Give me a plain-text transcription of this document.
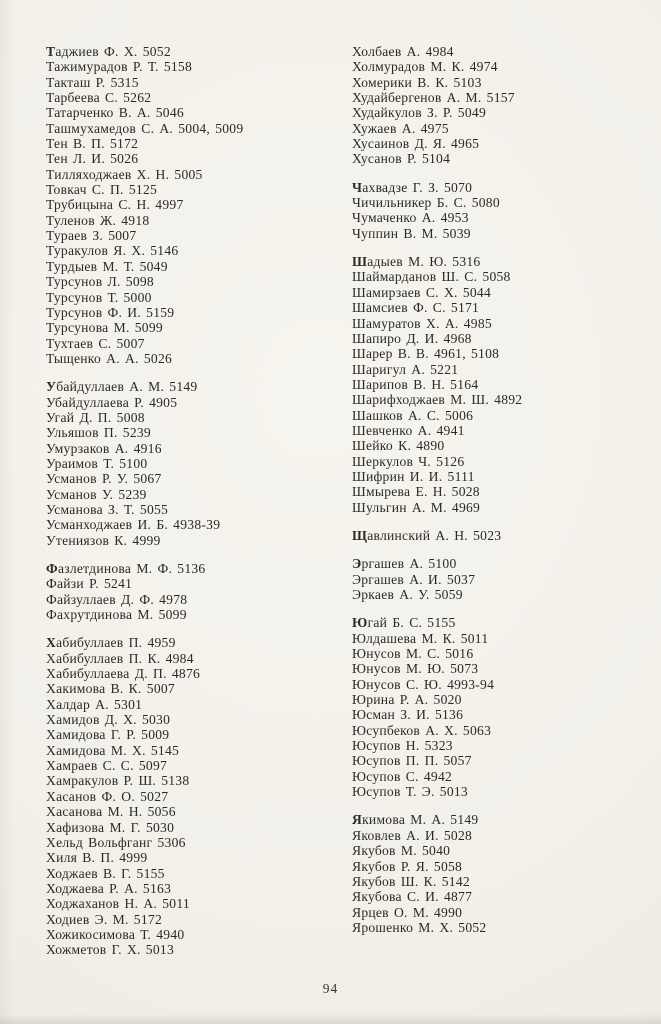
Таджиев Ф. Х. 5052
Тажимурадов Р. Т. 5158
Такташ Р. 5315
Тарбеева С. 5262
Татарченко В. А. 5046
Ташмухамедов С. А. 5004, 5009
Тен В. П. 5172
Тен Л. И. 5026
Тилляходжаев Х. Н. 5005
Товкач С. П. 5125
Трубицына С. Н. 4997
Туленов Ж. 4918
Тураев З. 5007
Туракулов Я. Х. 5146
Турдыев М. Т. 5049
Турсунов Л. 5098
Турсунов Т. 5000
Турсунов Ф. И. 5159
Турсунова М. 5099
Тухтаев С. 5007
Тыщенко А. А. 5026
Убайдуллаев А. М. 5149
Убайдуллаева Р. 4905
Угай Д. П. 5008
Ульяшов П. 5239
Умурзаков А. 4916
Ураимов Т. 5100
Усманов Р. У. 5067
Усманов У. 5239
Усманова З. Т. 5055
Усманходжаев И. Б. 4938-39
Утениязов К. 4999
Фазлетдинова М. Ф. 5136
Файзи Р. 5241
Файзуллаев Д. Ф. 4978
Фахрутдинова М. 5099
Хабибуллаев П. 4959
Хабибуллаев П. К. 4984
Хабибуллаева Д. П. 4876
Хакимова В. К. 5007
Халдар А. 5301
Хамидов Д. Х. 5030
Хамидова Г. Р. 5009
Хамидова М. Х. 5145
Хамраев С. С. 5097
Хамракулов Р. Ш. 5138
Хасанов Ф. О. 5027
Хасанова М. Н. 5056
Хафизова М. Г. 5030
Хельд Вольфганг 5306
Хиля В. П. 4999
Ходжаев В. Г. 5155
Ходжаева Р. А. 5163
Ходжаханов Н. А. 5011
Ходиев Э. М. 5172
Хожикосимова Т. 4940
Хожметов Г. Х. 5013
Холбаев А. 4984
Холмурадов М. К. 4974
Хомерики В. К. 5103
Худайбергенов А. М. 5157
Худайкулов З. Р. 5049
Хужаев А. 4975
Хусаинов Д. Я. 4965
Хусанов Р. 5104
Чахвадзе Г. З. 5070
Чичильникер Б. С. 5080
Чумаченко А. 4953
Чуппин В. М. 5039
Шадыев М. Ю. 5316
Шаймарданов Ш. С. 5058
Шамирзаев С. Х. 5044
Шамсиев Ф. С. 5171
Шамуратов Х. А. 4985
Шапиро Д. И. 4968
Шарер В. В. 4961, 5108
Шаригул А. 5221
Шарипов В. Н. 5164
Шарифходжаев М. Ш. 4892
Шашков А. С. 5006
Шевченко А. 4941
Шейко К. 4890
Шеркулов Ч. 5126
Шифрин И. И. 5111
Шмырева Е. Н. 5028
Шульгин А. М. 4969
Щавлинский А. Н. 5023
Эргашев А. 5100
Эргашев А. И. 5037
Эркаев А. У. 5059
Югай Б. С. 5155
Юлдашева М. К. 5011
Юнусов М. С. 5016
Юнусов М. Ю. 5073
Юнусов С. Ю. 4993-94
Юрина Р. А. 5020
Юсман З. И. 5136
Юсупбеков А. Х. 5063
Юсупов Н. 5323
Юсупов П. П. 5057
Юсупов С. 4942
Юсупов Т. Э. 5013
Якимова М. А. 5149
Яковлев А. И. 5028
Якубов М. 5040
Якубов Р. Я. 5058
Якубов Ш. К. 5142
Якубова С. И. 4877
Ярцев О. М. 4990
Ярошенко М. Х. 5052
94
